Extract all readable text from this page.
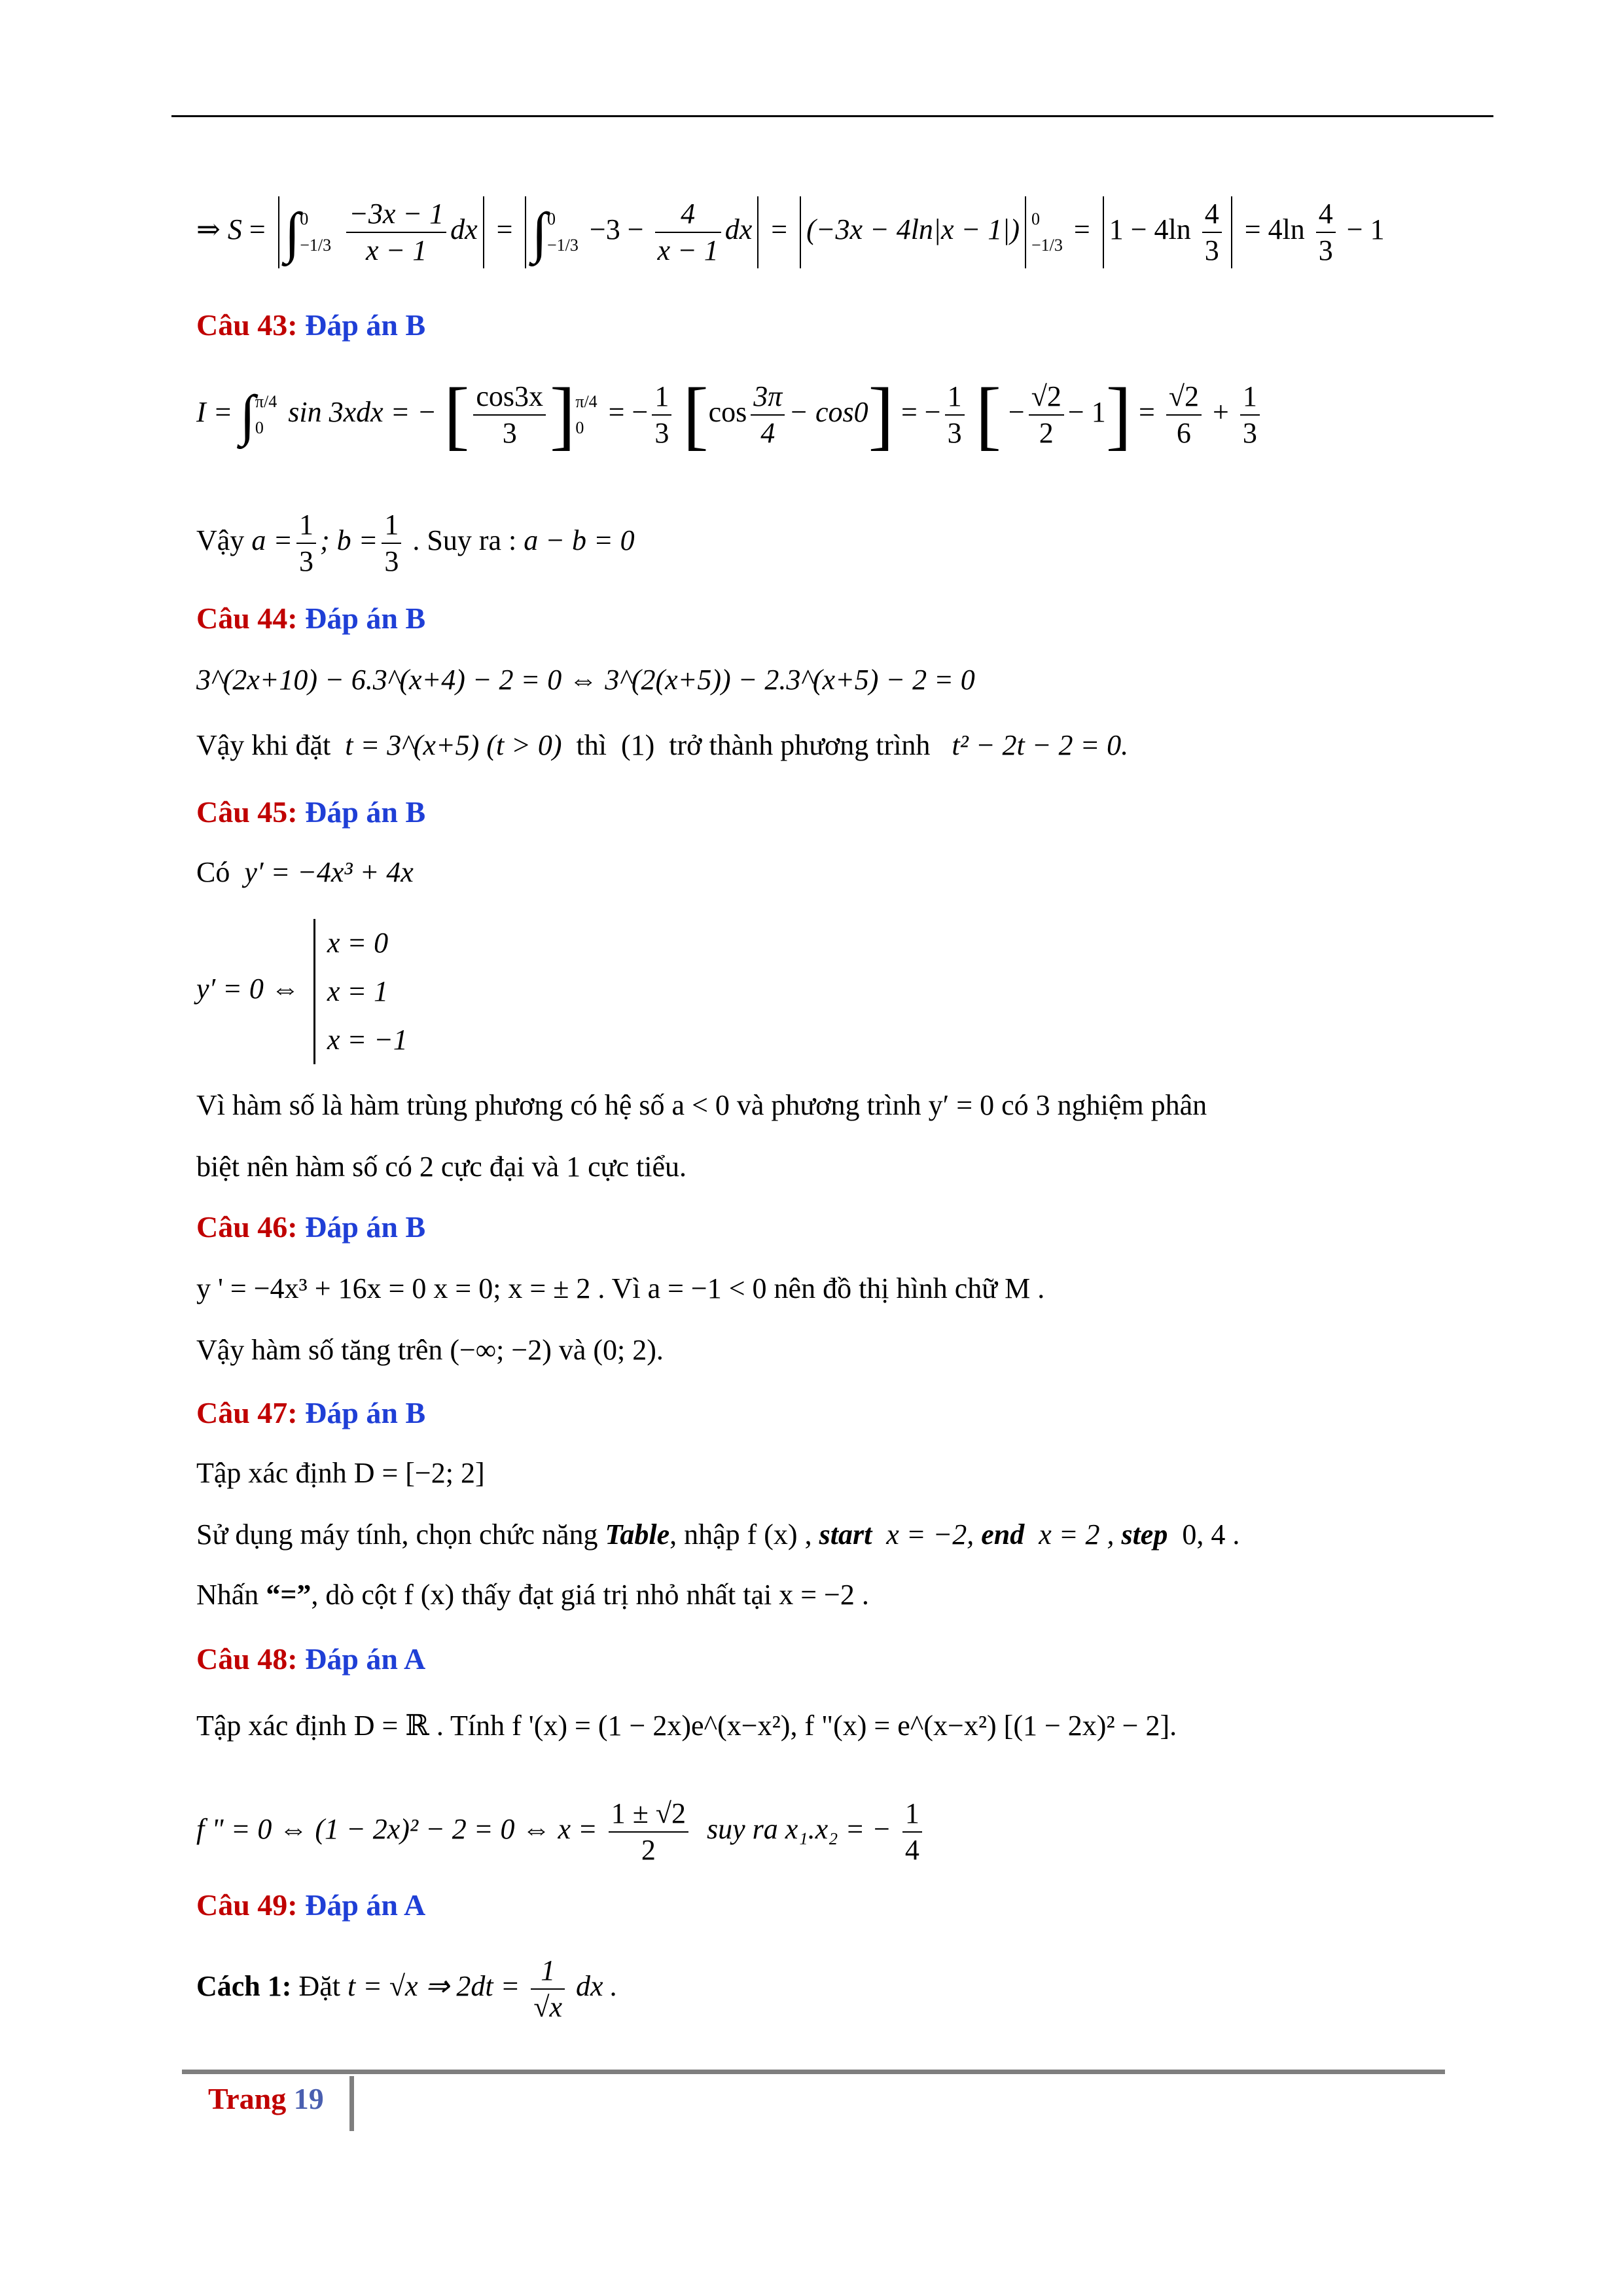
⇒ S = ∫ 0
−1/3
$\frac{-3x - 1}{x - 1}$ dx = ∫ 0
$-1/3 -3 - \frac{4}{x - 1}$ dx = (−3x − 4ln|x − 1|) 0
$-1/3 = 1 - 4\ln \frac{4}{3} = 4\ln \frac{4}{3} - 1$
Câu 43: Đáp án B
I = ∫ π/4
0 sin 3xdx = − [ $\frac{\cos 3x}{3}$ ] π/4
0 = − $\frac{1}{3} [\cos \frac{3\pi}{4} - \cos 0]$ = − $\frac{1}{3}$ [ − $\frac{√2}{2} - 1] = \frac{√2}{6} + \frac{1}{3}$
Vậy $a = \frac{1}{3}$ ; $b = \frac{1}{3}$ . Suy ra : a − b = 0
Câu 44: Đáp án B
3^(2x+10) − 6.3^(x+4) − 2 = 0 ⇔ 3^(2(x+5)) − 2.3^(x+5) − 2 = 0
Vậy khi đặt t = 3^(x+5) (t > 0) thì (1) trở thành phương trình t² − 2t − 2 = 0.
Câu 45: Đáp án B
Có y′ = −4x³ + 4x
y′ = 0 ⇔
x = 0
x = 1
x = −1
Vì hàm số là hàm trùng phương có hệ số a < 0 và phương trình y′ = 0 có 3 nghiệm phân
biệt nên hàm số có 2 cực đại và 1 cực tiểu.
Câu 46: Đáp án B
y ' = −4x³ + 16x = 0 x = 0; x = ± 2 . Vì a = −1 < 0 nên đồ thị hình chữ M .
Vậy hàm số tăng trên (−∞; −2) và (0; 2).
Câu 47: Đáp án B
Tập xác định D = [−2; 2]
Sử dụng máy tính, chọn chức năng Table, nhập f (x) , start x = −2, end x = 2 , step 0, 4 .
Nhấn “=”, dò cột f (x) thấy đạt giá trị nhỏ nhất tại x = −2 .
Câu 48: Đáp án A
Tập xác định D = ℝ . Tính f '(x) = (1 − 2x)e^(x−x²), f "(x) = e^(x−x²) [(1 − 2x)² − 2].
f " = 0 ⇔ (1 − 2x)² − 2 = 0 ⇔ $x = \frac{1 \pm √2}{2}$ suy ra x₁.x₂ = − $\frac{1}{4}$
Câu 49: Đáp án A
Cách 1: Đặt t = √x ⇒ $2dt = \frac{1}{√x}$ dx .
Trang 19
